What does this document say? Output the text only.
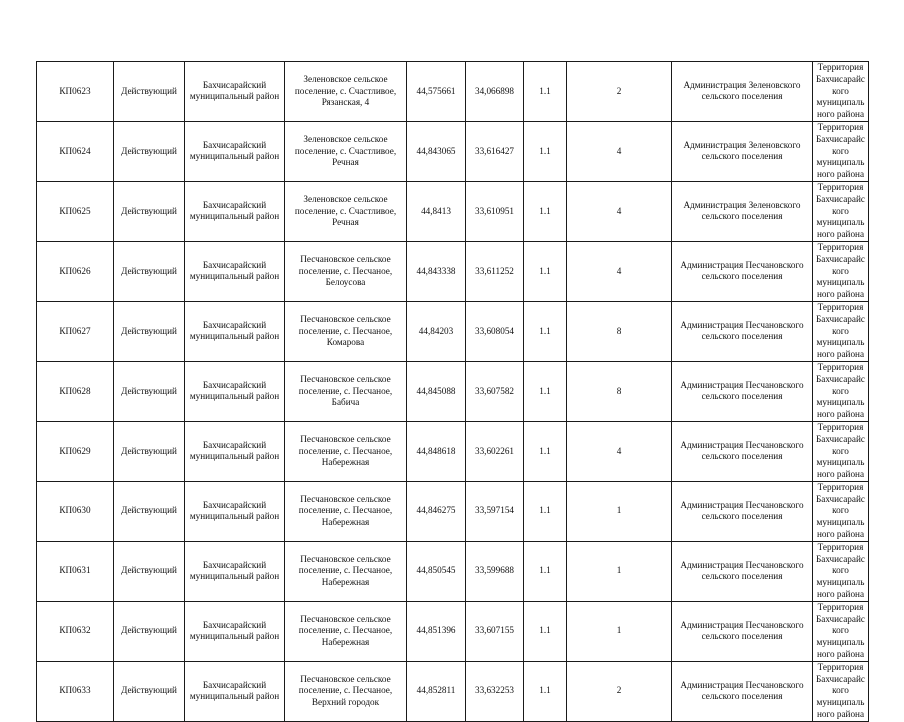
КП0623	Действующий	Бахчисарайский муниципальный район	Зеленовское сельское поселение, с. Счастливое, Рязанская, 4	44,575661	34,066898	1.1	2	Администрация Зеленовского сельского поселения	Территория Бахчисарайского муниципального района
КП0624	Действующий	Бахчисарайский муниципальный район	Зеленовское сельское поселение, с. Счастливое, Речная	44,843065	33,616427	1.1	4	Администрация Зеленовского сельского поселения	Территория Бахчисарайского муниципального района
КП0625	Действующий	Бахчисарайский муниципальный район	Зеленовское сельское поселение, с. Счастливое, Речная	44,8413	33,610951	1.1	4	Администрация Зеленовского сельского поселения	Территория Бахчисарайского муниципального района
КП0626	Действующий	Бахчисарайский муниципальный район	Песчановское сельское поселение, с. Песчаное, Белоусова	44,843338	33,611252	1.1	4	Администрация Песчановского сельского поселения	Территория Бахчисарайского муниципального района
КП0627	Действующий	Бахчисарайский муниципальный район	Песчановское сельское поселение, с. Песчаное, Комарова	44,84203	33,608054	1.1	8	Администрация Песчановского сельского поселения	Территория Бахчисарайского муниципального района
КП0628	Действующий	Бахчисарайский муниципальный район	Песчановское сельское поселение, с. Песчаное, Бабича	44,845088	33,607582	1.1	8	Администрация Песчановского сельского поселения	Территория Бахчисарайского муниципального района
КП0629	Действующий	Бахчисарайский муниципальный район	Песчановское сельское поселение, с. Песчаное, Набережная	44,848618	33,602261	1.1	4	Администрация Песчановского сельского поселения	Территория Бахчисарайского муниципального района
КП0630	Действующий	Бахчисарайский муниципальный район	Песчановское сельское поселение, с. Песчаное, Набережная	44,846275	33,597154	1.1	1	Администрация Песчановского сельского поселения	Территория Бахчисарайского муниципального района
КП0631	Действующий	Бахчисарайский муниципальный район	Песчановское сельское поселение, с. Песчаное, Набережная	44,850545	33,599688	1.1	1	Администрация Песчановского сельского поселения	Территория Бахчисарайского муниципального района
КП0632	Действующий	Бахчисарайский муниципальный район	Песчановское сельское поселение, с. Песчаное, Набережная	44,851396	33,607155	1.1	1	Администрация Песчановского сельского поселения	Территория Бахчисарайского муниципального района
КП0633	Действующий	Бахчисарайский муниципальный район	Песчановское сельское поселение, с. Песчаное, Верхний городок	44,852811	33,632253	1.1	2	Администрация Песчановского сельского поселения	Территория Бахчисарайского муниципального района
